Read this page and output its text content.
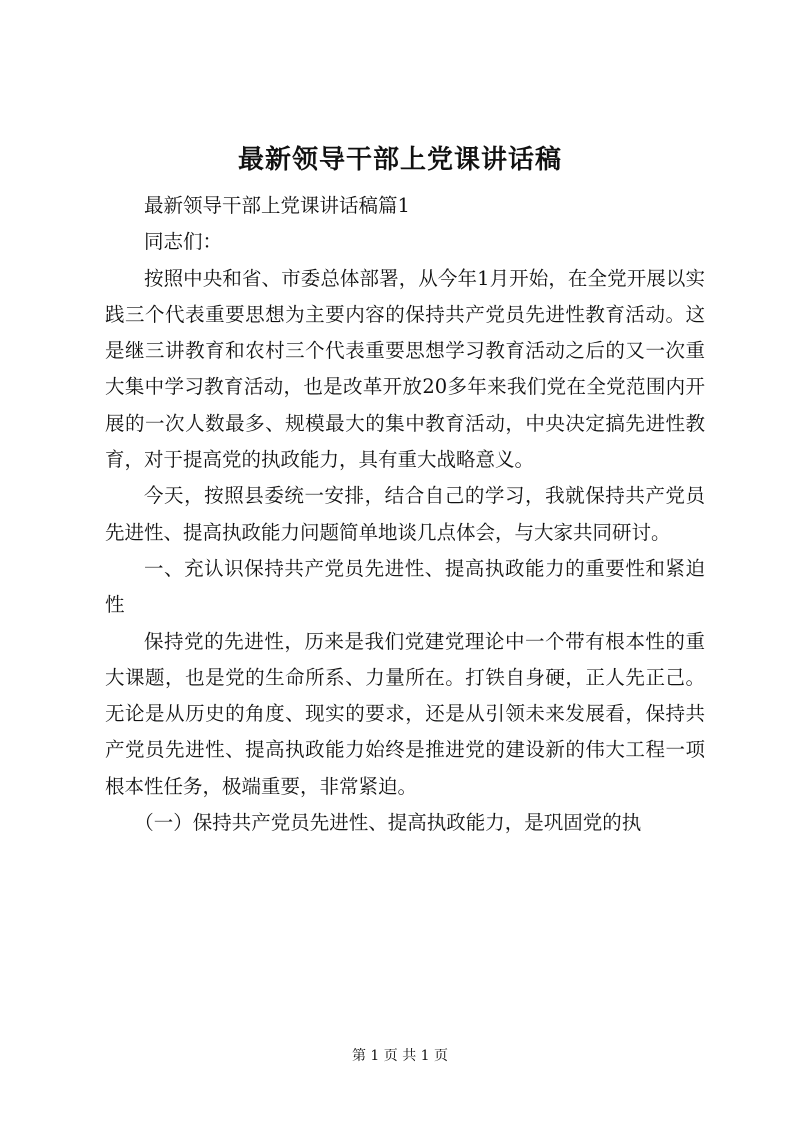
最新领导干部上党课讲话稿

最新领导干部上党课讲话稿篇1

同志们：

按照中央和省、市委总体部署，从今年1月开始，在全党开展以实践三个代表重要思想为主要内容的保持共产党员先进性教育活动。这是继三讲教育和农村三个代表重要思想学习教育活动之后的又一次重大集中学习教育活动，也是改革开放20多年来我们党在全党范围内开展的一次人数最多、规模最大的集中教育活动，中央决定搞先进性教育，对于提高党的执政能力，具有重大战略意义。

今天，按照县委统一安排，结合自己的学习，我就保持共产党员先进性、提高执政能力问题简单地谈几点体会，与大家共同研讨。

一、充认识保持共产党员先进性、提高执政能力的重要性和紧迫性

保持党的先进性，历来是我们党建党理论中一个带有根本性的重大课题，也是党的生命所系、力量所在。打铁自身硬，正人先正己。无论是从历史的角度、现实的要求，还是从引领未来发展看，保持共产党员先进性、提高执政能力始终是推进党的建设新的伟大工程一项根本性任务，极端重要，非常紧迫。

（一）保持共产党员先进性、提高执政能力，是巩固党的执

第 1 页 共 1 页
